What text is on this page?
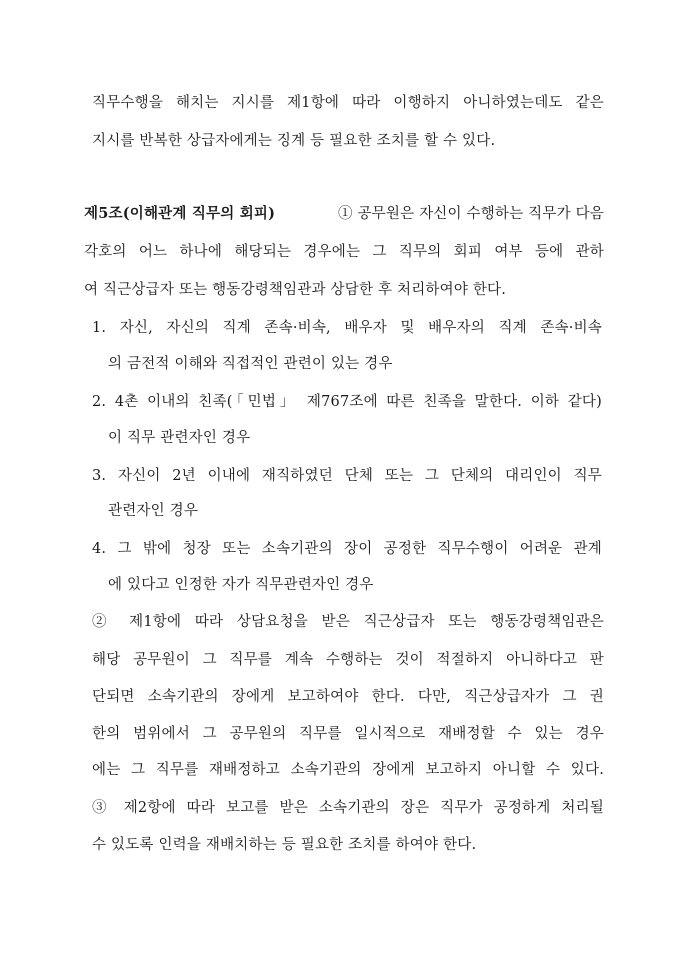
직무수행을 해치는 지시를 제1항에 따라 이행하지 아니하였는데도 같은
지시를 반복한 상급자에게는 징계 등 필요한 조치를 할 수 있다.
제5조(이해관계 직무의 회피)	① 공무원은 자신이 수행하는 직무가 다음
각호의 어느 하나에 해당되는 경우에는 그 직무의 회피 여부 등에 관하
여 직근상급자 또는 행동강령책임관과 상담한 후 처리하여야 한다.
1. 자신, 자신의 직계 존속·비속, 배우자 및 배우자의 직계 존속·비속
의 금전적 이해와 직접적인 관련이 있는 경우
2. 4촌 이내의 친족(「민법」 제767조에 따른 친족을 말한다. 이하 같다)
이 직무 관련자인 경우
3. 자신이 2년 이내에 재직하였던 단체 또는 그 단체의 대리인이 직무
관련자인 경우
4. 그 밖에 청장 또는 소속기관의 장이 공정한 직무수행이 어려운 관계
에 있다고 인정한 자가 직무관련자인 경우
② 제1항에 따라 상담요청을 받은 직근상급자 또는 행동강령책임관은
해당 공무원이 그 직무를 계속 수행하는 것이 적절하지 아니하다고 판
단되면 소속기관의 장에게 보고하여야 한다. 다만, 직근상급자가 그 권
한의 범위에서 그 공무원의 직무를 일시적으로 재배정할 수 있는 경우
에는 그 직무를 재배정하고 소속기관의 장에게 보고하지 아니할 수 있다.
③ 제2항에 따라 보고를 받은 소속기관의 장은 직무가 공정하게 처리될
수 있도록 인력을 재배치하는 등 필요한 조치를 하여야 한다.
